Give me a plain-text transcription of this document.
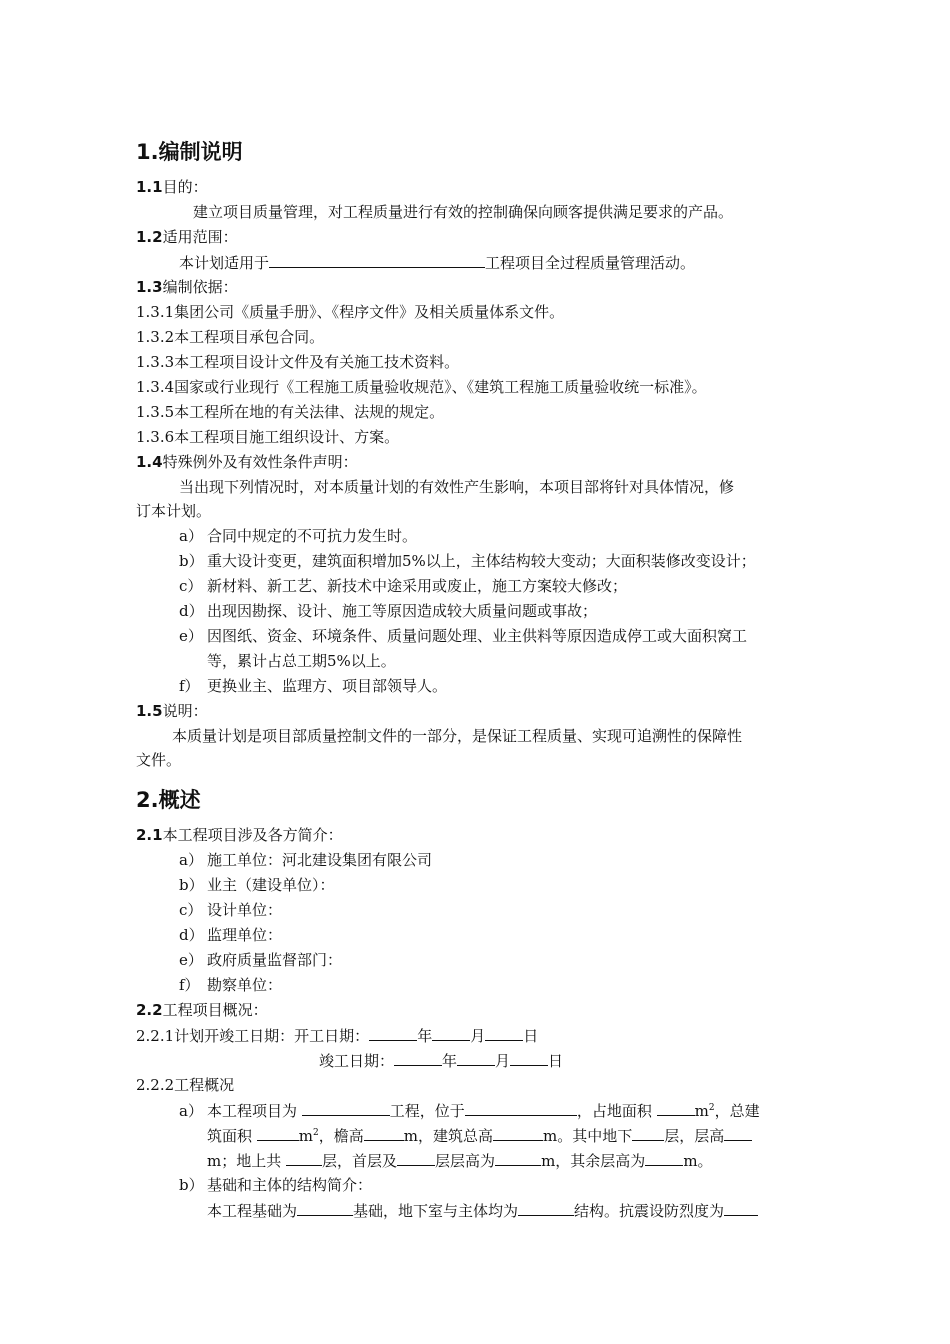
1.编制说明
1.1目的：
建立项目质量管理，对工程质量进行有效的控制确保向顾客提供满足要求的产品。
1.2适用范围：
本计划适用于	工程项目全过程质量管理活动。
1.3编制依据：
1.3.1集团公司《质量手册》、《程序文件》及相关质量体系文件。
1.3.2本工程项目承包合同。
1.3.3本工程项目设计文件及有关施工技术资料。
1.3.4国家或行业现行《工程施工质量验收规范》、《建筑工程施工质量验收统一标准》。
1.3.5本工程所在地的有关法律、法规的规定。
1.3.6本工程项目施工组织设计、方案。
1.4特殊例外及有效性条件声明：
当出现下列情况时，对本质量计划的有效性产生影响，本项目部将针对具体情况，修
订本计划。
a） 合同中规定的不可抗力发生时。
b） 重大设计变更，建筑面积增加5%以上，主体结构较大变动；大面积装修改变设计；
c） 新材料、新工艺、新技术中途采用或废止，施工方案较大修改；
d） 出现因勘探、设计、施工等原因造成较大质量问题或事故；
e） 因图纸、资金、环境条件、质量问题处理、业主供料等原因造成停工或大面积窝工
等，累计占总工期5%以上。
f） 更换业主、监理方、项目部领导人。
1.5说明：
本质量计划是项目部质量控制文件的一部分，是保证工程质量、实现可追溯性的保障性
文件。
2.概述
2.1本工程项目涉及各方简介：
a） 施工单位：河北建设集团有限公司
b） 业主（建设单位）：
c） 设计单位：
d） 监理单位：
e） 政府质量监督部门：
f） 勘察单位：
2.2工程项目概况：
2.2.1计划开竣工日期：开工日期：	年	月	日
竣工日期：	年	月	日
2.2.2工程概况
a） 本工程项目为	工程，位于	，占地面积	$m^2$，总建
筑面积	$m^2$，檐高	m，建筑总高	m。其中地下 层，层高
m；地上共	层，首层及	层层高为	m，其余层高为	m。
b） 基础和主体的结构简介：
本工程基础为	基础，地下室与主体均为	结构。抗震设防烈度为
